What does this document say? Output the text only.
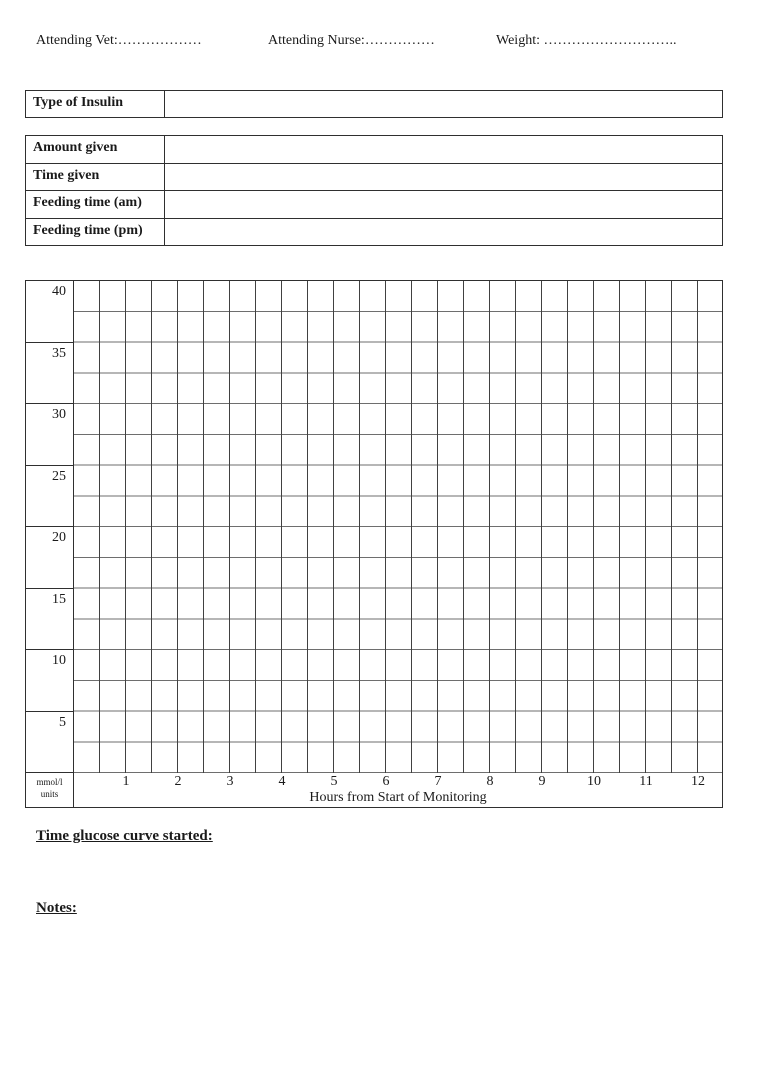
Attending Vet:………………	Attending Nurse:……………	Weight: ………………………..
Type of Insulin
Amount given
Time given
Feeding time (am)
Feeding time (pm)
40
35
30
25
20
15
10
5
mmol/l
units
1	2	3	4	5	6	7	8	9	10	11	12
Hours from Start of Monitoring
Time glucose curve started:
Notes:
